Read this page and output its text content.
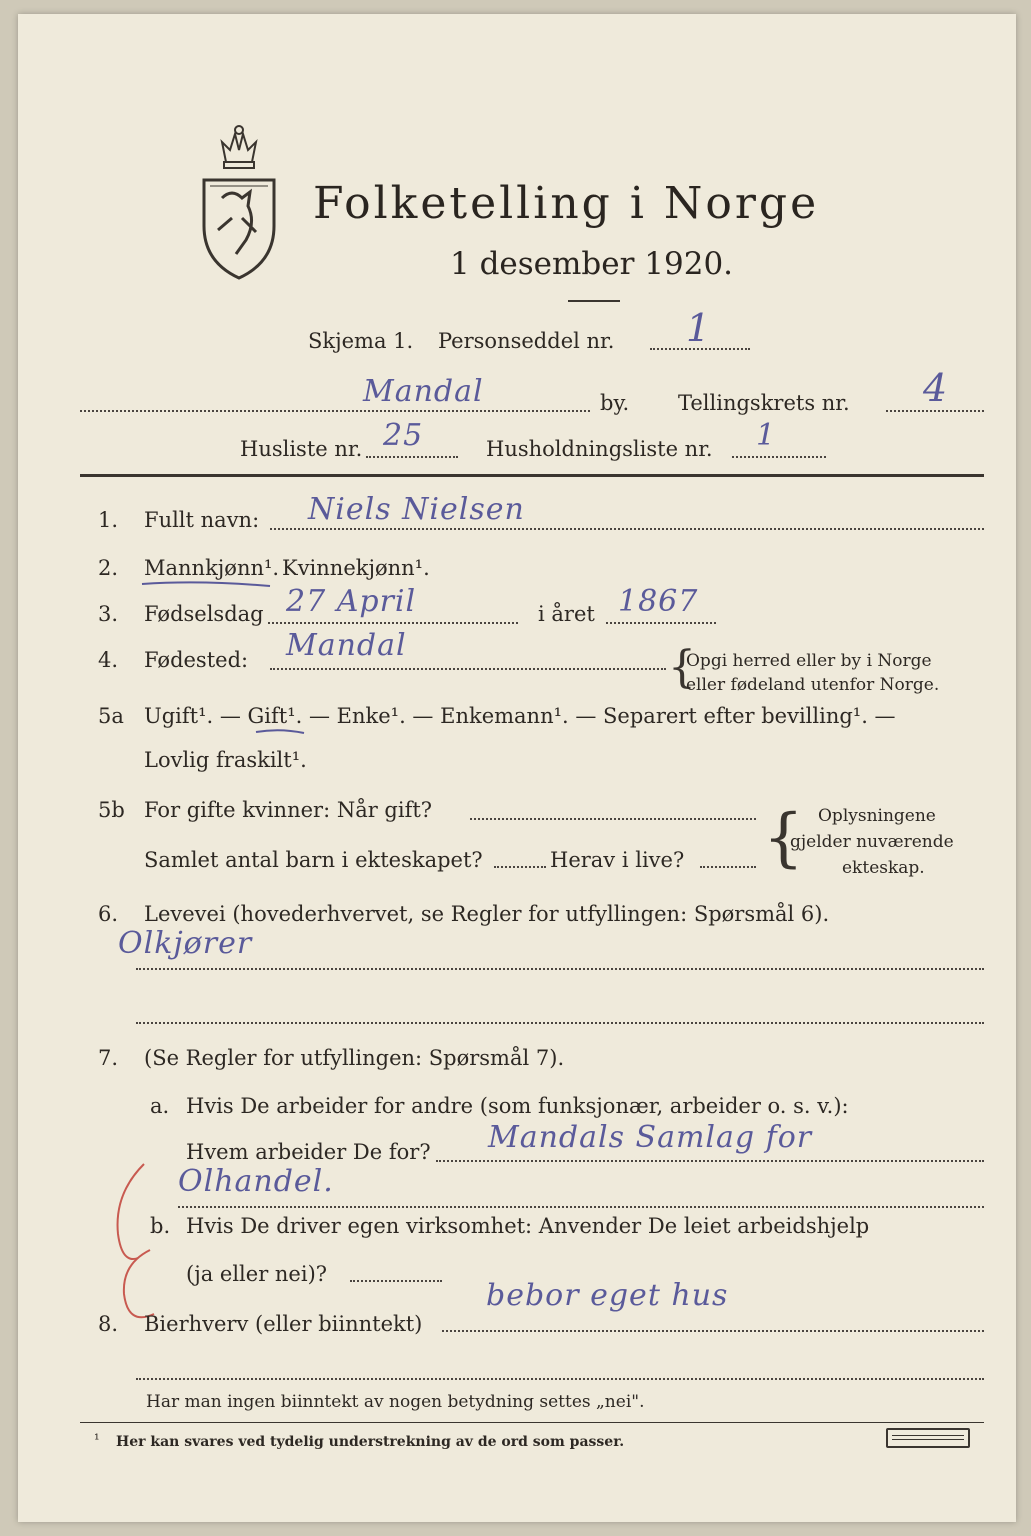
Folketelling i Norge
1 desember 1920.
Skjema 1. Personseddel nr. 1
Mandal	by. Tellingskrets nr. 4
Husliste nr. 25	Husholdningsliste nr. 1
1. Fullt navn: Niels Nielsen
2. Mannkjønn¹. Kvinnekjønn¹.
3. Fødselsdag 27 April	i året 1867
4. Fødested: Mandal	{
Opgi herred eller by i Norge
eller fødeland utenfor Norge.
5a Ugift¹. — Gift¹. — Enke¹. — Enkemann¹. — Separert efter bevilling¹. —
Lovlig fraskilt¹.
5b For gifte kvinner: Når gift?
Samlet antal barn i ekteskapet?	Herav i live? { Oplysningene
gjelder nuværende
ekteskap.
6. Levevei (hovederhvervet, se Regler for utfyllingen: Spørsmål 6).
Olkjører
7. (Se Regler for utfyllingen: Spørsmål 7).
a. Hvis De arbeider for andre (som funksjonær, arbeider o. s. v.):
Hvem arbeider De for? Mandals Samlag for
Olhandel.
b. Hvis De driver egen virksomhet: Anvender De leiet arbeidshjelp
(ja eller nei)?
8. Bierhverv (eller biinntekt)
bebor eget hus
Har man ingen biinntekt av nogen betydning settes „nei".
¹ Her kan svares ved tydelig understrekning av de ord som passer.
